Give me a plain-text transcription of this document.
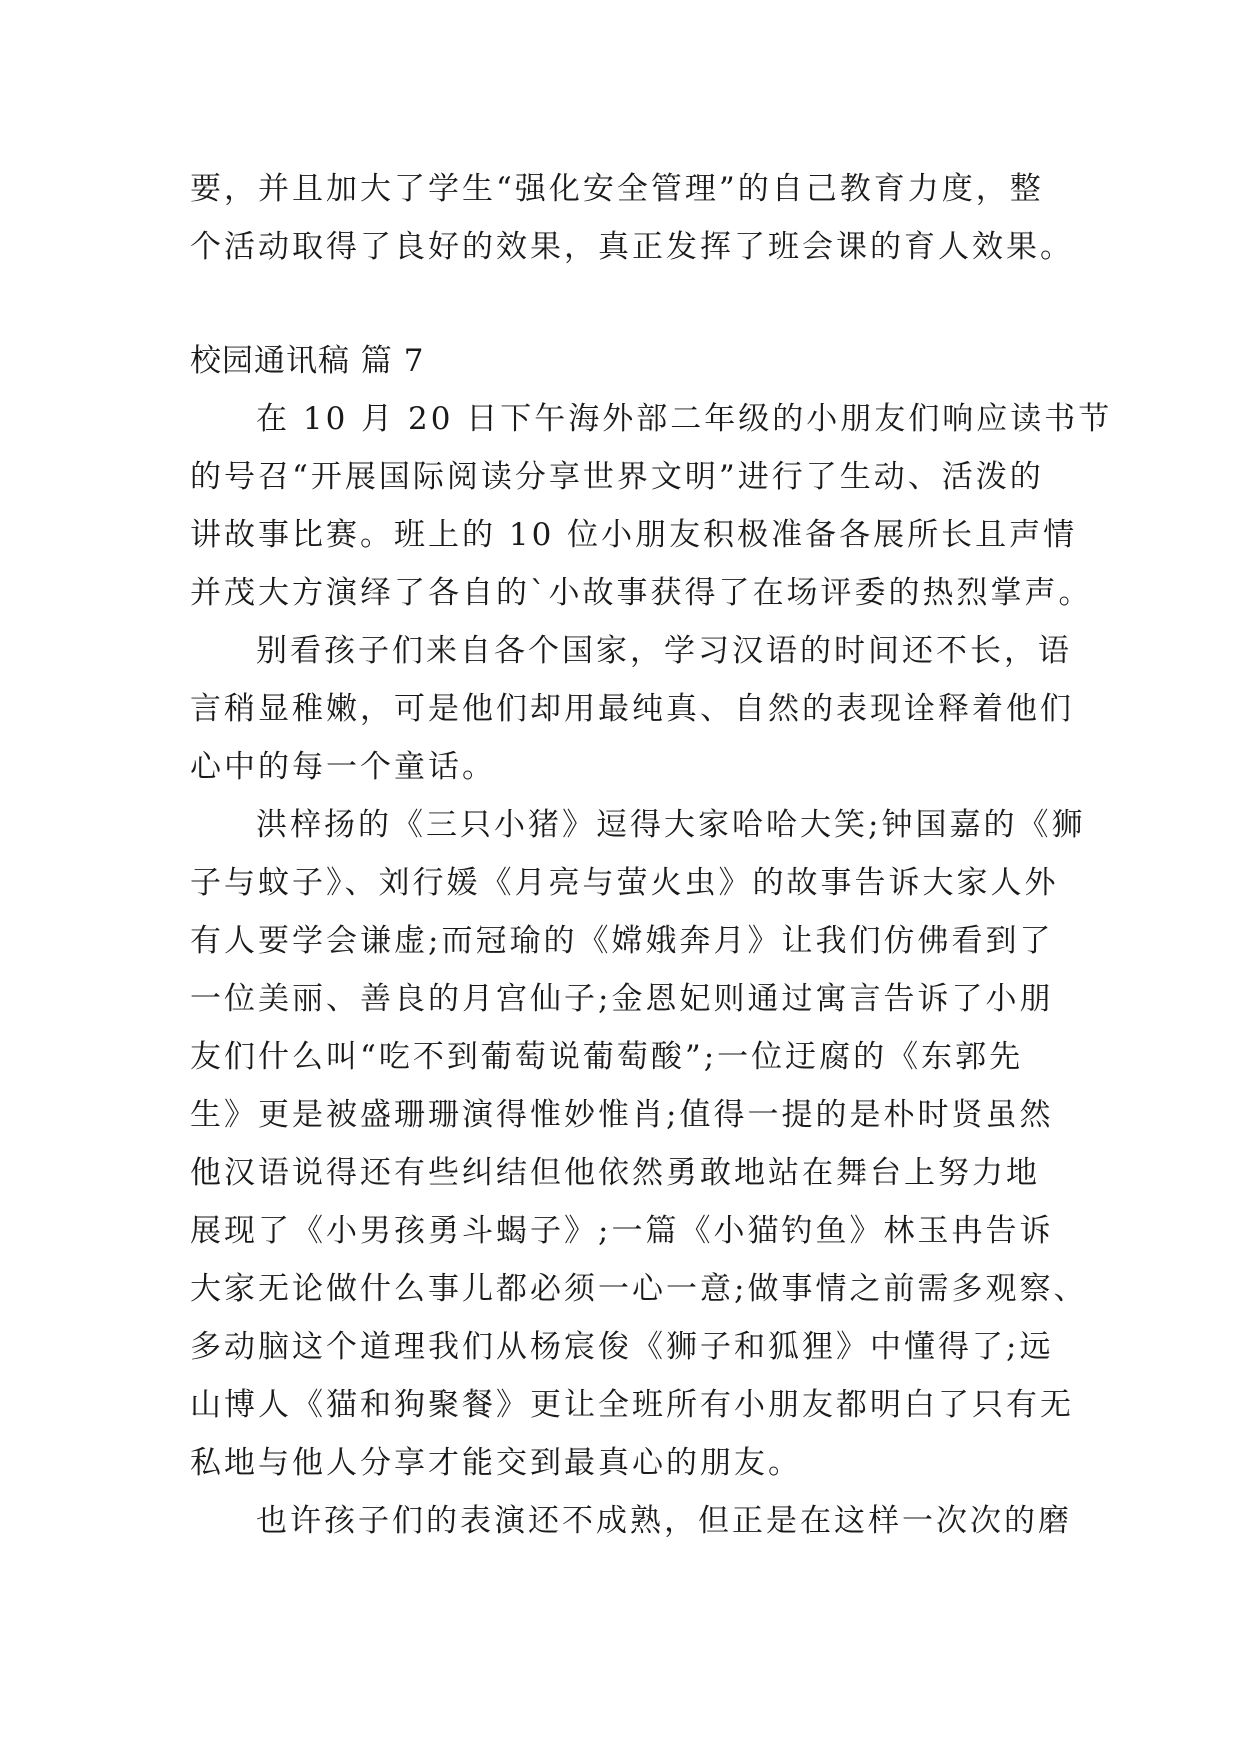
要，并且加大了学生“强化安全管理”的自己教育力度，整
个活动取得了良好的效果，真正发挥了班会课的育人效果。
校园通讯稿 篇 7
在 10 月 20 日下午海外部二年级的小朋友们响应读书节
的号召“开展国际阅读分享世界文明”进行了生动、活泼的
讲故事比赛。班上的 10 位小朋友积极准备各展所长且声情
并茂大方演绎了各自的`小故事获得了在场评委的热烈掌声。
别看孩子们来自各个国家，学习汉语的时间还不长，语
言稍显稚嫩，可是他们却用最纯真、自然的表现诠释着他们
心中的每一个童话。
洪梓扬的《三只小猪》逗得大家哈哈大笑;钟国嘉的《狮
子与蚊子》、刘行媛《月亮与萤火虫》的故事告诉大家人外
有人要学会谦虚;而冠瑜的《嫦娥奔月》让我们仿佛看到了
一位美丽、善良的月宫仙子;金恩妃则通过寓言告诉了小朋
友们什么叫“吃不到葡萄说葡萄酸”;一位迂腐的《东郭先
生》更是被盛珊珊演得惟妙惟肖;值得一提的是朴时贤虽然
他汉语说得还有些纠结但他依然勇敢地站在舞台上努力地
展现了《小男孩勇斗蝎子》;一篇《小猫钓鱼》林玉冉告诉
大家无论做什么事儿都必须一心一意;做事情之前需多观察、
多动脑这个道理我们从杨宸俊《狮子和狐狸》中懂得了;远
山博人《猫和狗聚餐》更让全班所有小朋友都明白了只有无
私地与他人分享才能交到最真心的朋友。
也许孩子们的表演还不成熟，但正是在这样一次次的磨
